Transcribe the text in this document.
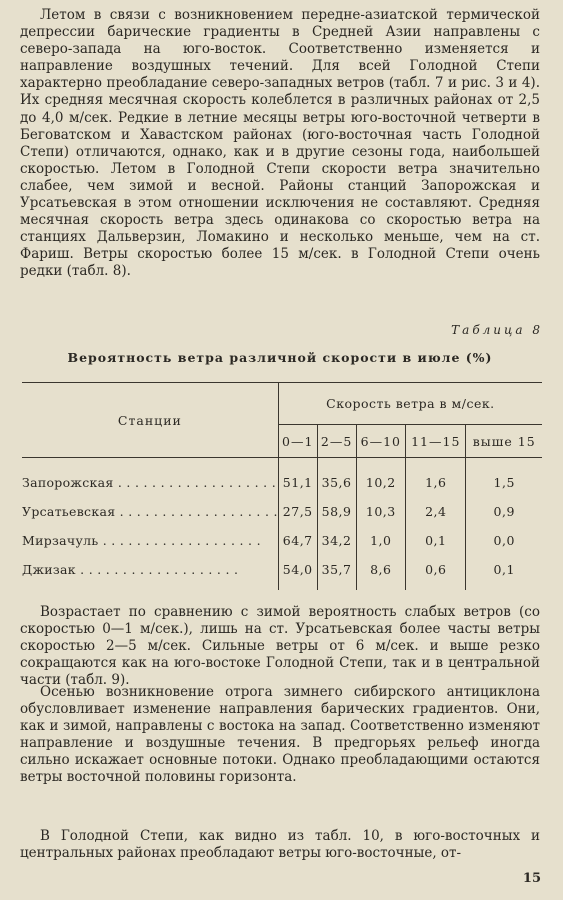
Летом в связи с возникновением передне-азиатской термической депрессии барические градиенты в Средней Азии направлены с северо-запада на юго-восток. Соответственно изменяется и направление воздушных течений. Для всей Голодной Степи характерно преобладание северо-западных ветров (табл. 7 и рис. 3 и 4). Их средняя месячная скорость колеблется в различных районах от 2,5 до 4,0 м/сек. Редкие в летние месяцы ветры юго-восточной четверти в Беговатском и Хавастском районах (юго-восточная часть Голодной Степи) отличаются, однако, как и в другие сезоны года, наибольшей скоростью. Летом в Голодной Степи скорости ветра значительно слабее, чем зимой и весной. Районы станций Запорожская и Урсатьевская в этом отношении исключения не составляют. Средняя месячная скорость ветра здесь одинакова со скоростью ветра на станциях Дальверзин, Ломакино и несколько меньше, чем на ст. Фариш. Ветры скоростью более 15 м/сек. в Голодной Степи очень редки (табл. 8).

Таблица 8

Вероятность ветра различной скорости в июле (%)

Станции	Скорость ветра в м/сек.				
	0—1	2—5	6—10	11—15	выше 15
Запорожская . . .	51,1	35,6	10,2	1,6	1,5
Урсатьевская . . .	27,5	58,9	10,3	2,4	0,9
Мирзачуль . . .	64,7	34,2	1,0	0,1	0,0
Джизак . . .	54,0	35,7	8,6	0,6	0,1

Возрастает по сравнению с зимой вероятность слабых ветров (со скоростью 0—1 м/сек.), лишь на ст. Урсатьевская более часты ветры скоростью 2—5 м/сек. Сильные ветры от 6 м/сек. и выше резко сокращаются как на юго-востоке Голодной Степи, так и в центральной части (табл. 9).

Осенью возникновение отрога зимнего сибирского антициклона обусловливает изменение направления барических градиентов. Они, как и зимой, направлены с востока на запад. Соответственно изменяют направление и воздушные течения. В предгорьях рельеф иногда сильно искажает основные потоки. Однако преобладающими остаются ветры восточной половины горизонта.

В Голодной Степи, как видно из табл. 10, в юго-восточных и центральных районах преобладают ветры юго-восточные, от-

15
